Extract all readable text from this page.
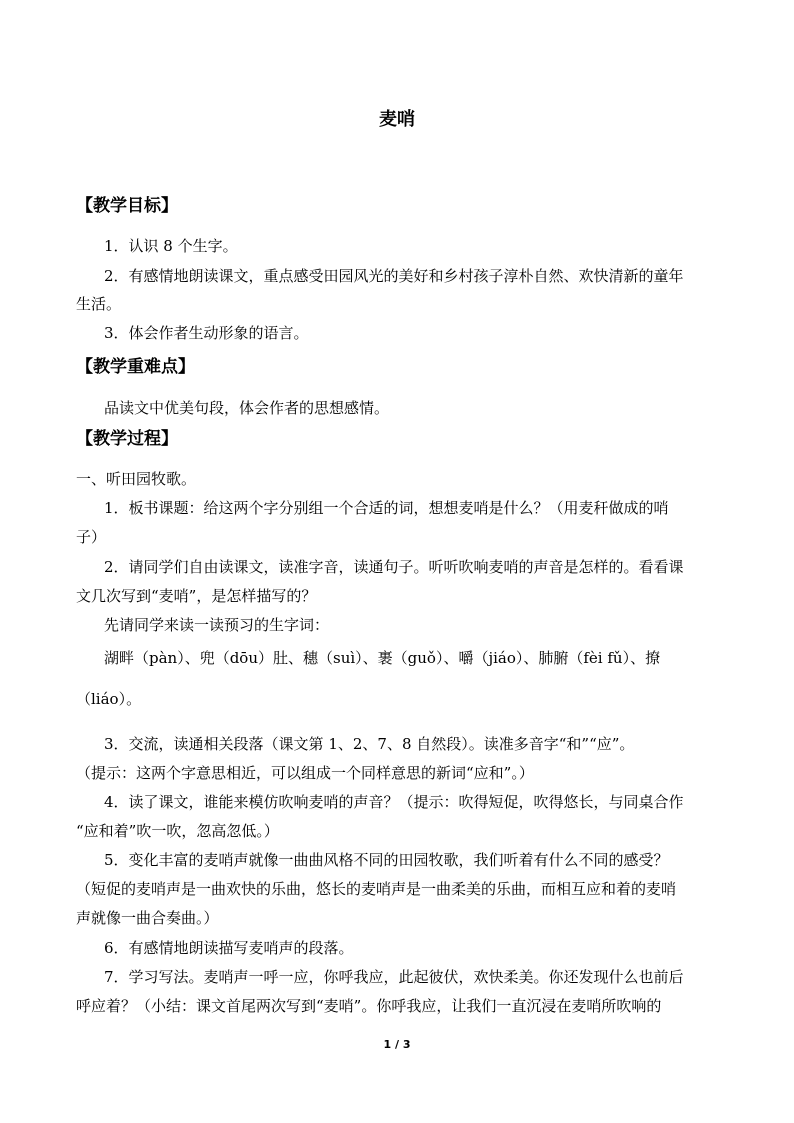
麦哨
【教学目标】
1．认识 8 个生字。
2．有感情地朗读课文，重点感受田园风光的美好和乡村孩子淳朴自然、欢快清新的童年
生活。
3．体会作者生动形象的语言。
【教学重难点】
品读文中优美句段，体会作者的思想感情。
【教学过程】
一、听田园牧歌。
1．板书课题：给这两个字分别组一个合适的词，想想麦哨是什么？（用麦秆做成的哨
子）
2．请同学们自由读课文，读准字音，读通句子。听听吹响麦哨的声音是怎样的。看看课
文几次写到“麦哨”，是怎样描写的？
先请同学来读一读预习的生字词：
湖畔（pàn）、兜（dōu）肚、穗（suì）、裹（guǒ）、嚼（jiáo）、肺腑（fèi fǔ）、撩
（liáo）。
3．交流，读通相关段落（课文第 1、2、7、8 自然段）。读准多音字“和”“应”。
（提示：这两个字意思相近，可以组成一个同样意思的新词“应和”。）
4．读了课文，谁能来模仿吹响麦哨的声音？（提示：吹得短促，吹得悠长，与同桌合作
“应和着”吹一吹，忽高忽低。）
5．变化丰富的麦哨声就像一曲曲风格不同的田园牧歌，我们听着有什么不同的感受？
（短促的麦哨声是一曲欢快的乐曲，悠长的麦哨声是一曲柔美的乐曲，而相互应和着的麦哨
声就像一曲合奏曲。）
6．有感情地朗读描写麦哨声的段落。
7．学习写法。麦哨声一呼一应，你呼我应，此起彼伏，欢快柔美。你还发现什么也前后
呼应着？（小结：课文首尾两次写到“麦哨”。你呼我应，让我们一直沉浸在麦哨所吹响的
1 / 3
